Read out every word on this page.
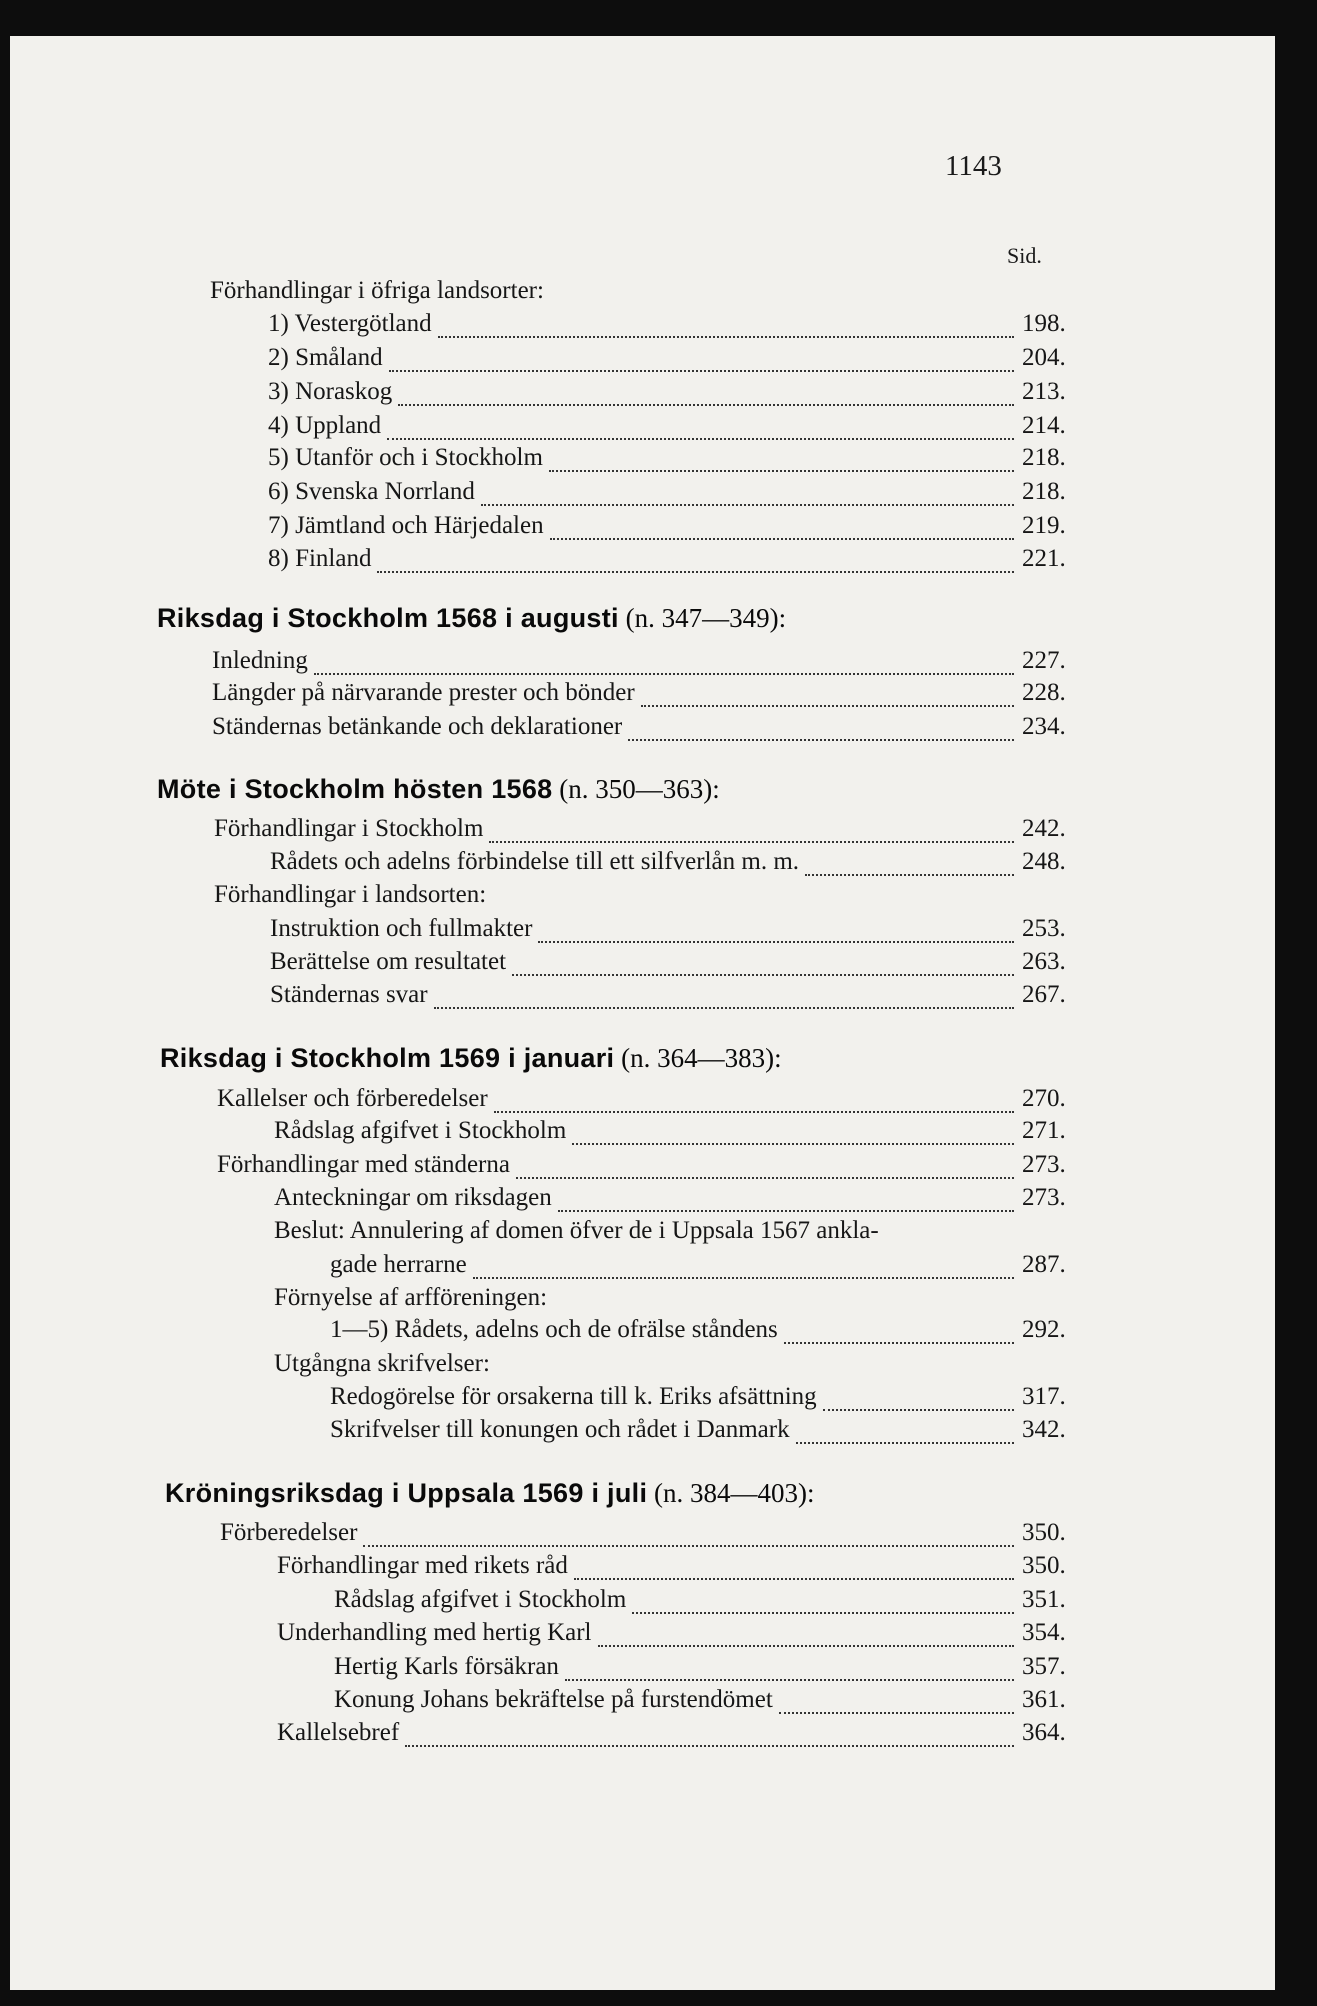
1143
Sid.
Förhandlingar i öfriga landsorter:
1) Vestergötland	198.
2) Småland	204.
3) Noraskog	213.
4) Uppland	214.
5) Utanför och i Stockholm	218.
6) Svenska Norrland	218.
7) Jämtland och Härjedalen	219.
8) Finland	221.
Riksdag i Stockholm 1568 i augusti (n. 347—349):
Inledning	227.
Längder på närvarande prester och bönder	228.
Ständernas betänkande och deklarationer	234.
Möte i Stockholm hösten 1568 (n. 350—363):
Förhandlingar i Stockholm	242.
Rådets och adelns förbindelse till ett silfverlån m. m.	248.
Förhandlingar i landsorten:
Instruktion och fullmakter	253.
Berättelse om resultatet	263.
Ständernas svar	267.
Riksdag i Stockholm 1569 i januari (n. 364—383):
Kallelser och förberedelser	270.
Rådslag afgifvet i Stockholm	271.
Förhandlingar med ständerna	273.
Anteckningar om riksdagen	273.
Beslut: Annulering af domen öfver de i Uppsala 1567 ankla-
gade herrarne	287.
Förnyelse af arfföreningen:
1—5) Rådets, adelns och de ofrälse ståndens	292.
Utgångna skrifvelser:
Redogörelse för orsakerna till k. Eriks afsättning	317.
Skrifvelser till konungen och rådet i Danmark	342.
Kröningsriksdag i Uppsala 1569 i juli (n. 384—403):
Förberedelser	350.
Förhandlingar med rikets råd	350.
Rådslag afgifvet i Stockholm	351.
Underhandling med hertig Karl	354.
Hertig Karls försäkran	357.
Konung Johans bekräftelse på furstendömet	361.
Kallelsebref	364.
